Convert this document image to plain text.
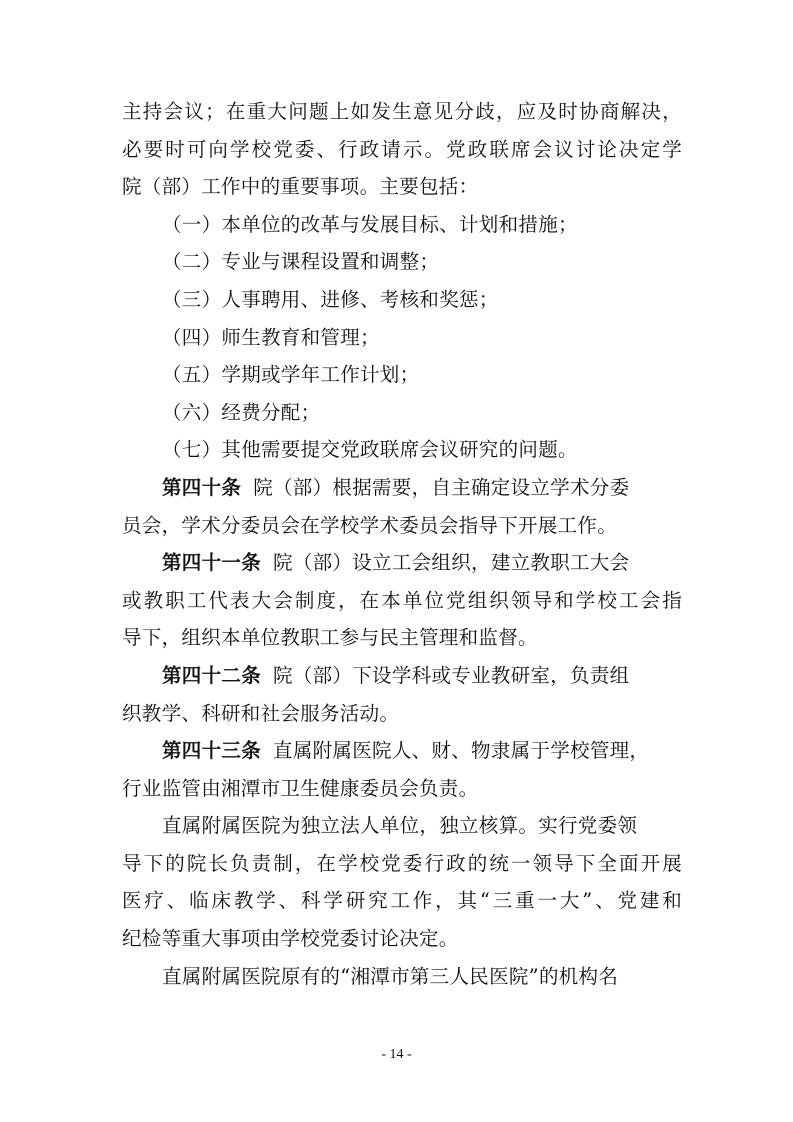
主持会议；在重大问题上如发生意见分歧，应及时协商解决，
必要时可向学校党委、行政请示。党政联席会议讨论决定学
院（部）工作中的重要事项。主要包括：
（一）本单位的改革与发展目标、计划和措施；
（二）专业与课程设置和调整；
（三）人事聘用、进修、考核和奖惩；
（四）师生教育和管理；
（五）学期或学年工作计划；
（六）经费分配；
（七）其他需要提交党政联席会议研究的问题。
第四十条 院（部）根据需要，自主确定设立学术分委
员会，学术分委员会在学校学术委员会指导下开展工作。
第四十一条 院（部）设立工会组织，建立教职工大会
或教职工代表大会制度，在本单位党组织领导和学校工会指
导下，组织本单位教职工参与民主管理和监督。
第四十二条 院（部）下设学科或专业教研室，负责组
织教学、科研和社会服务活动。
第四十三条 直属附属医院人、财、物隶属于学校管理，
行业监管由湘潭市卫生健康委员会负责。
直属附属医院为独立法人单位，独立核算。实行党委领
导下的院长负责制，在学校党委行政的统一领导下全面开展
医疗、临床教学、科学研究工作，其“三重一大”、党建和
纪检等重大事项由学校党委讨论决定。
直属附属医院原有的“湘潭市第三人民医院”的机构名
- 14 -
